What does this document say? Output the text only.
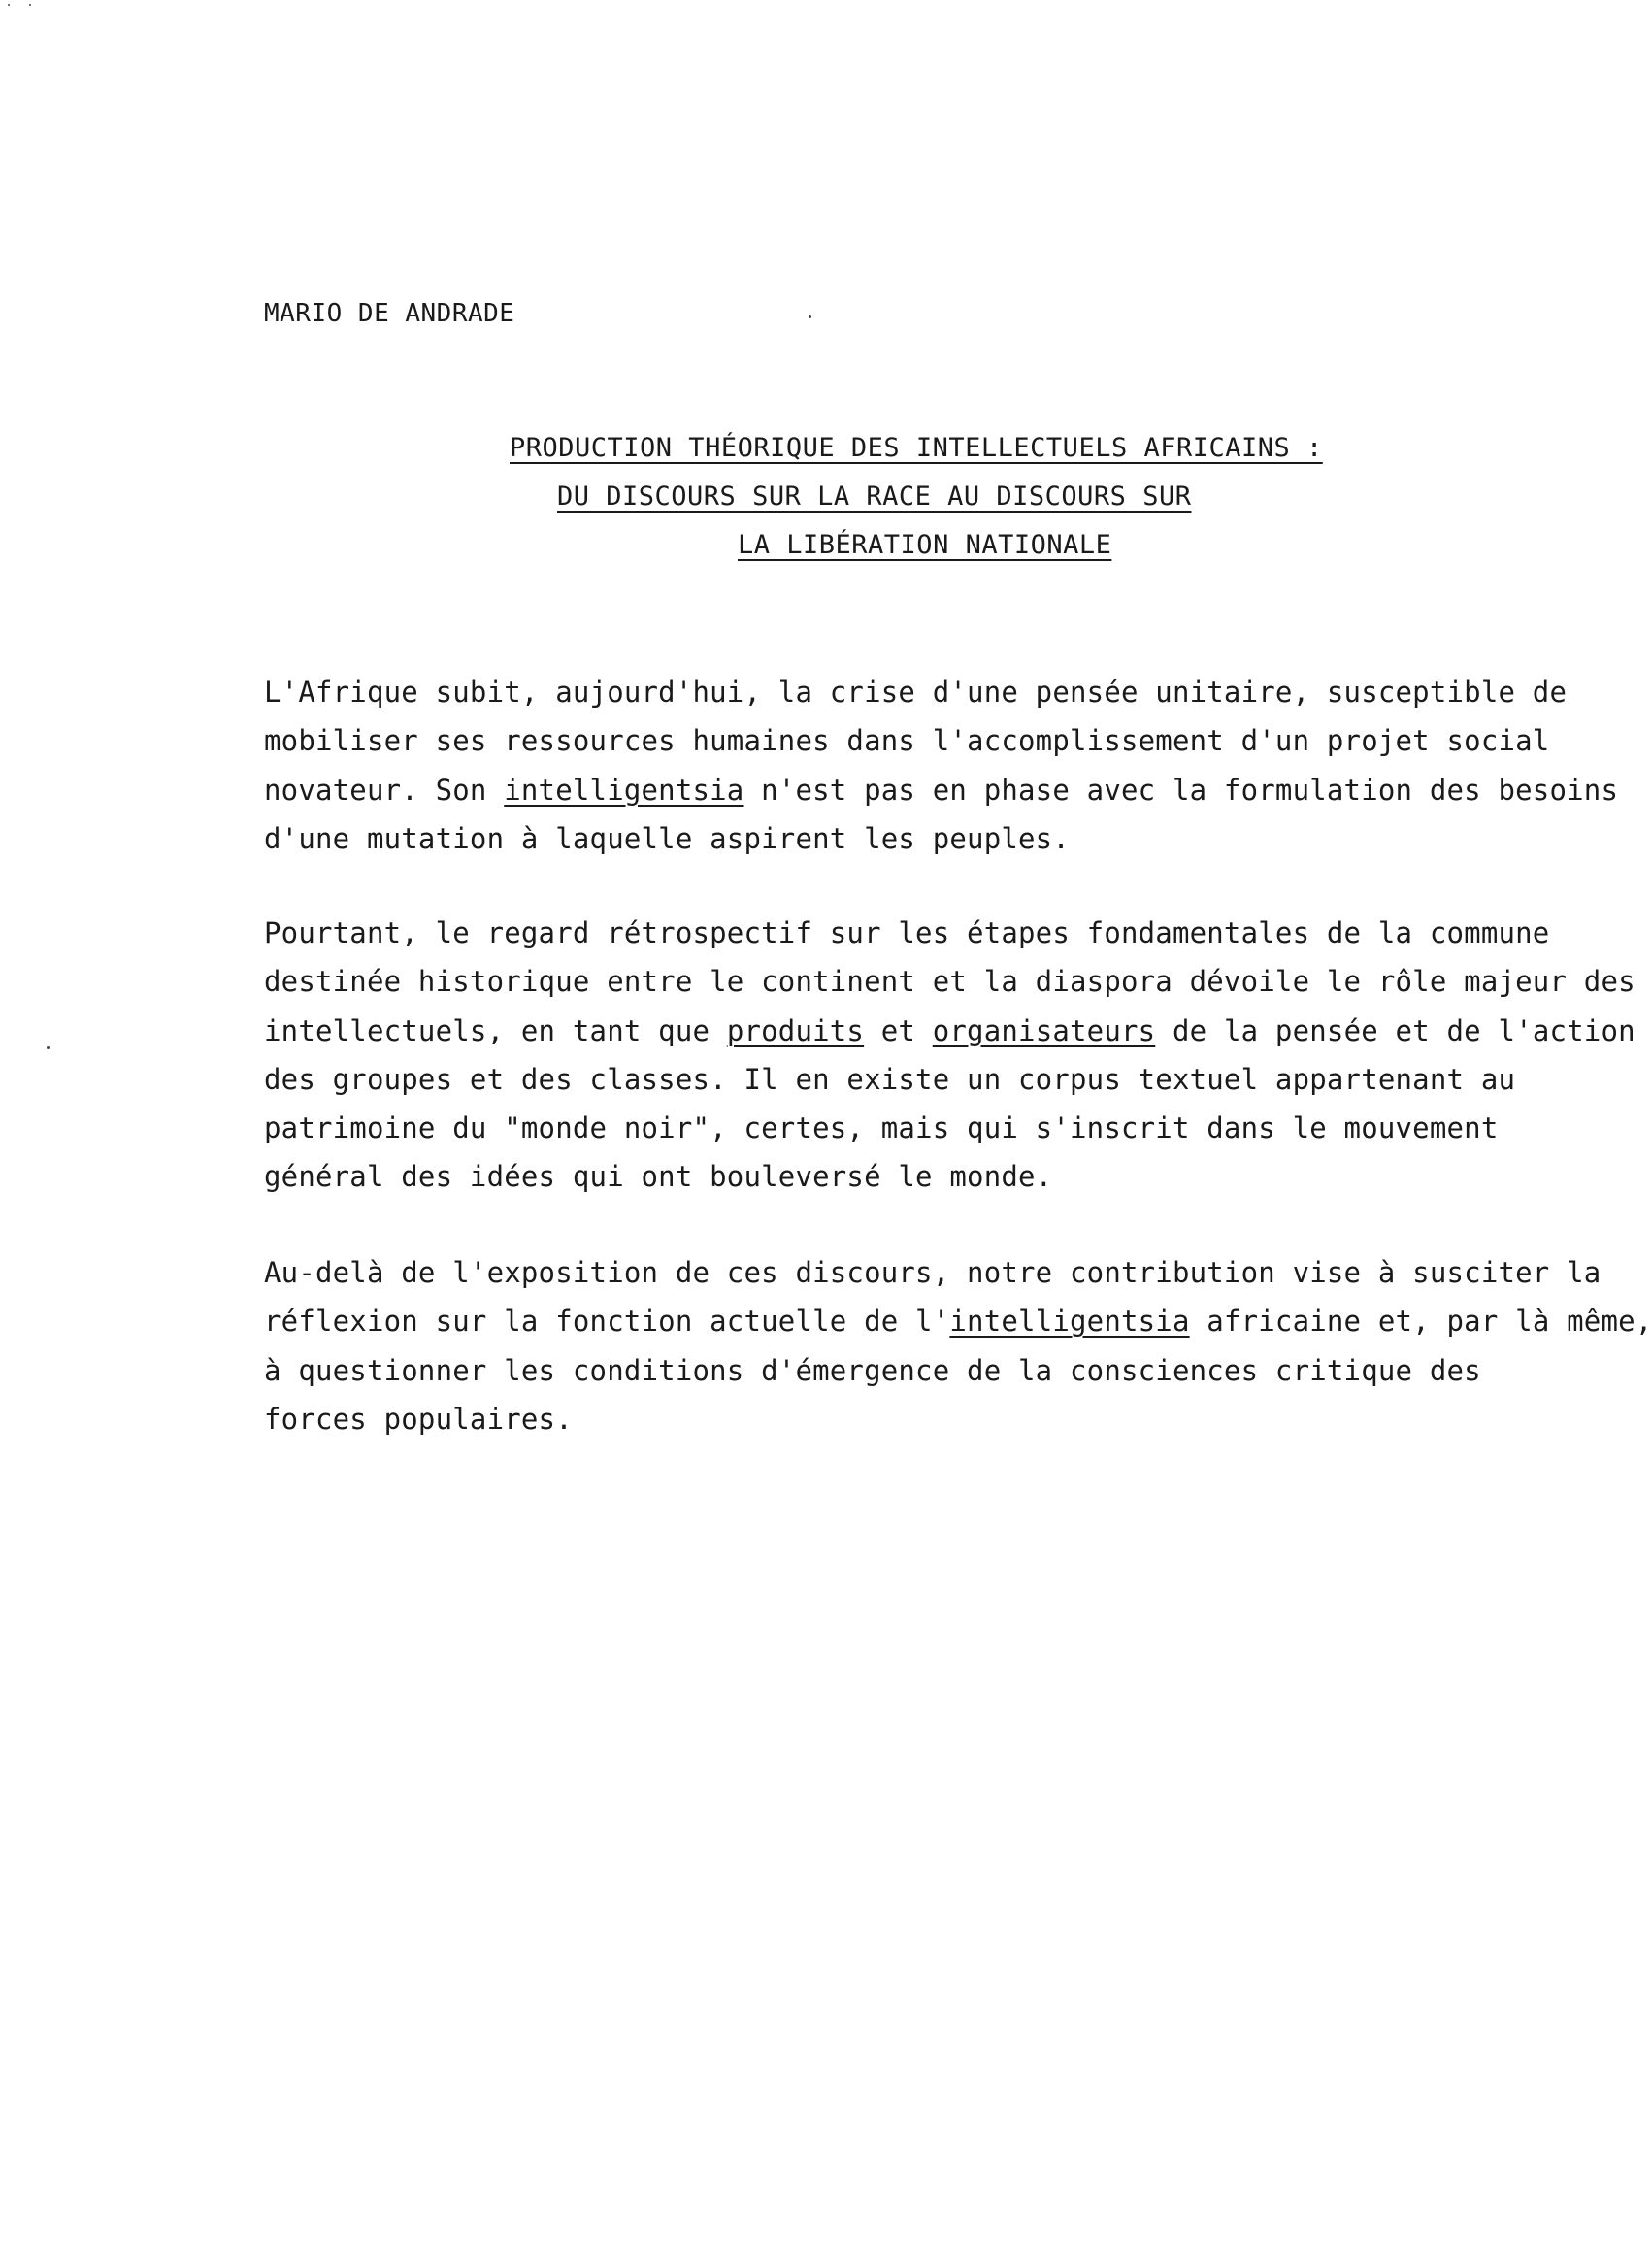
MARIO DE ANDRADE
PRODUCTION THÉORIQUE DES INTELLECTUELS AFRICAINS :
DU DISCOURS SUR LA RACE AU DISCOURS SUR
LA LIBÉRATION NATIONALE
L'Afrique subit, aujourd'hui, la crise d'une pensée unitaire, susceptible de
mobiliser ses ressources humaines dans l'accomplissement d'un projet social
novateur. Son intelligentsia n'est pas en phase avec la formulation des besoins
d'une mutation à laquelle aspirent les peuples.
Pourtant, le regard rétrospectif sur les étapes fondamentales de la commune
destinée historique entre le continent et la diaspora dévoile le rôle majeur des
intellectuels, en tant que produits et organisateurs de la pensée et de l'action
des groupes et des classes. Il en existe un corpus textuel appartenant au
patrimoine du "monde noir", certes, mais qui s'inscrit dans le mouvement
général des idées qui ont bouleversé le monde.
Au-delà de l'exposition de ces discours, notre contribution vise à susciter la
réflexion sur la fonction actuelle de l'intelligentsia africaine et, par là même,
à questionner les conditions d'émergence de la consciences critique des
forces populaires.
